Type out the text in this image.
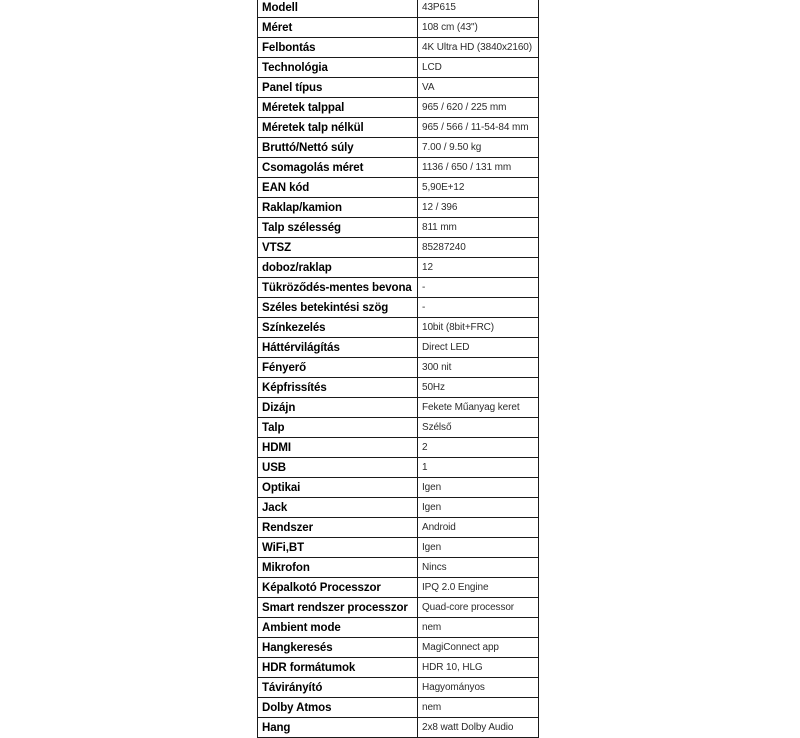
Modell	43P615
Méret	108 cm (43")
Felbontás	4K Ultra HD (3840x2160)
Technológia	LCD
Panel típus	VA
Méretek talppal	965 / 620 / 225 mm
Méretek talp nélkül	965 / 566 / 11-54-84 mm
Bruttó/Nettó súly	7.00 / 9.50 kg
Csomagolás méret	1136 / 650 / 131 mm
EAN kód	5,90E+12
Raklap/kamion	12 / 396
Talp szélesség	811 mm
VTSZ	85287240
doboz/raklap	12
Tükröződés-mentes bevona	-
Széles betekintési szög	-
Színkezelés	10bit (8bit+FRC)
Háttérvilágítás	Direct LED
Fényerő	300 nit
Képfrissítés	50Hz
Dizájn	Fekete Műanyag keret
Talp	Szélső
HDMI	2
USB	1
Optikai	Igen
Jack	Igen
Rendszer	Android
WiFi,BT	Igen
Mikrofon	Nincs
Képalkotó Processzor	IPQ 2.0 Engine
Smart rendszer processzor	Quad-core processor
Ambient mode	nem
Hangkeresés	MagiConnect app
HDR formátumok	HDR 10, HLG
Távirányító	Hagyományos
Dolby Atmos	nem
Hang	2x8 watt Dolby Audio
